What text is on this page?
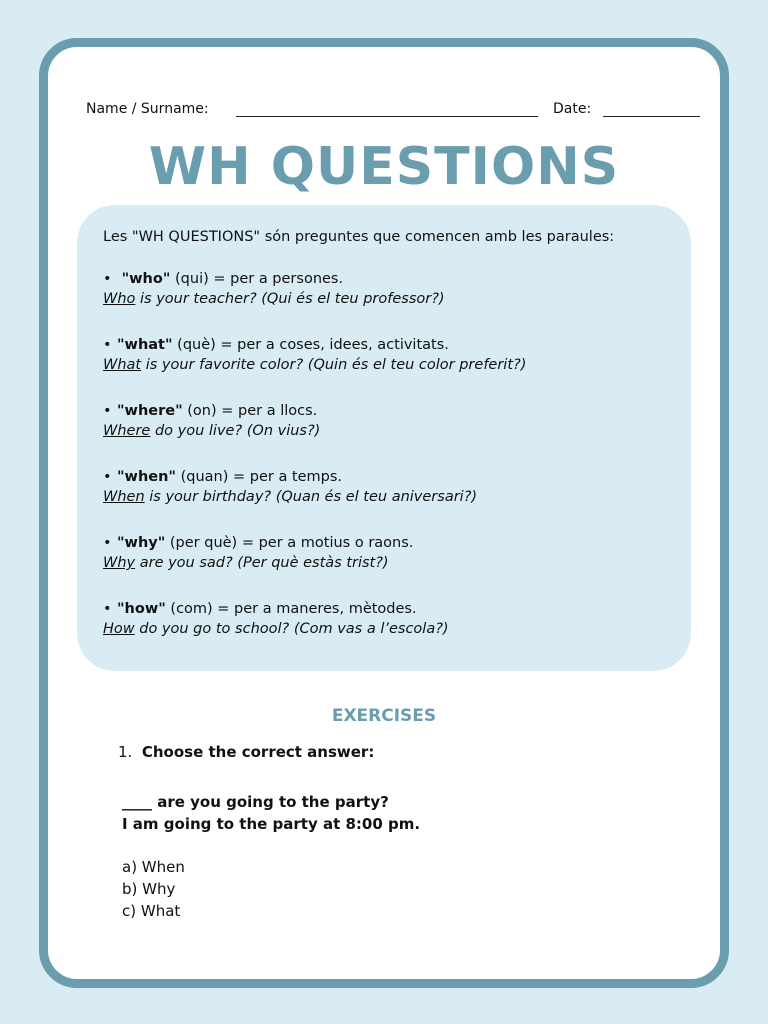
Name / Surname:	Date:
WH QUESTIONS
Les "WH QUESTIONS" són preguntes que comencen amb les paraules:
• "who" (qui) = per a persones.
Who is your teacher? (Qui és el teu professor?)
• "what" (què) = per a coses, idees, activitats.
What is your favorite color? (Quin és el teu color preferit?)
• "where" (on) = per a llocs.
Where do you live? (On vius?)
• "when" (quan) = per a temps.
When is your birthday? (Quan és el teu aniversari?)
• "why" (per què) = per a motius o raons.
Why are you sad? (Per què estàs trist?)
• "how" (com) = per a maneres, mètodes.
How do you go to school? (Com vas a l’escola?)
EXERCISES
1. Choose the correct answer:
____ are you going to the party?
I am going to the party at 8:00 pm.
a) When
b) Why
c) What
